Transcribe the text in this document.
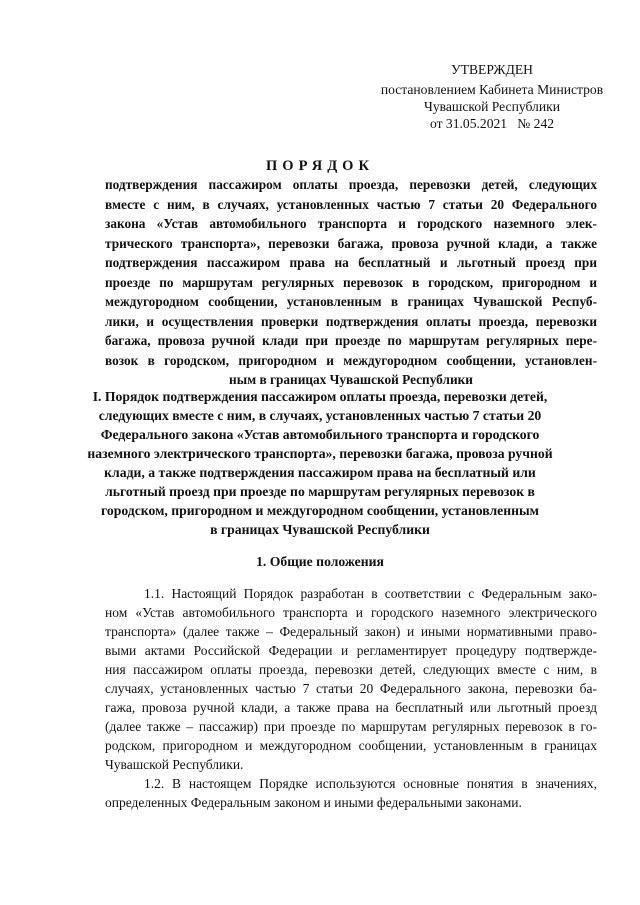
УТВЕРЖДЕН
постановлением Кабинета Министров
Чувашской Республики
от 31.05.2021   № 242
ПОРЯДОК
подтверждения пассажиром оплаты проезда, перевозки детей, следующих
вместе с ним, в случаях, установленных частью 7 статьи 20 Федерального
закона «Устав автомобильного транспорта и городского наземного элек-
трического транспорта», перевозки багажа, провоза ручной клади, а также
подтверждения пассажиром права на бесплатный и льготный проезд при
проезде по маршрутам регулярных перевозок в городском, пригородном и
междугородном сообщении, установленным в границах Чувашской Респуб-
лики, и осуществления проверки подтверждения оплаты проезда, перевозки
багажа, провоза ручной клади при проезде по маршрутам регулярных пере-
возок в городском, пригородном и междугородном сообщении, установлен-
ным в границах Чувашской Республики
I. Порядок подтверждения пассажиром оплаты проезда, перевозки детей,
следующих вместе с ним, в случаях, установленных частью 7 статьи 20
Федерального закона «Устав автомобильного транспорта и городского
наземного электрического транспорта», перевозки багажа, провоза ручной
клади, а также подтверждения пассажиром права на бесплатный или
льготный проезд при проезде по маршрутам регулярных перевозок в
городском, пригородном и междугородном сообщении, установленным
в границах Чувашской Республики
1. Общие положения
1.1. Настоящий Порядок разработан в соответствии с Федеральным зако-
ном «Устав автомобильного транспорта и городского наземного электрического
транспорта» (далее также – Федеральный закон) и иными нормативными право-
выми актами Российской Федерации и регламентирует процедуру подтвержде-
ния пассажиром оплаты проезда, перевозки детей, следующих вместе с ним, в
случаях, установленных частью 7 статьи 20 Федерального закона, перевозки ба-
гажа, провоза ручной клади, а также права на бесплатный или льготный проезд
(далее также – пассажир) при проезде по маршрутам регулярных перевозок в го-
родском, пригородном и междугородном сообщении, установленным в границах
Чувашской Республики.
1.2. В настоящем Порядке используются основные понятия в значениях,
определенных Федеральным законом и иными федеральными законами.
